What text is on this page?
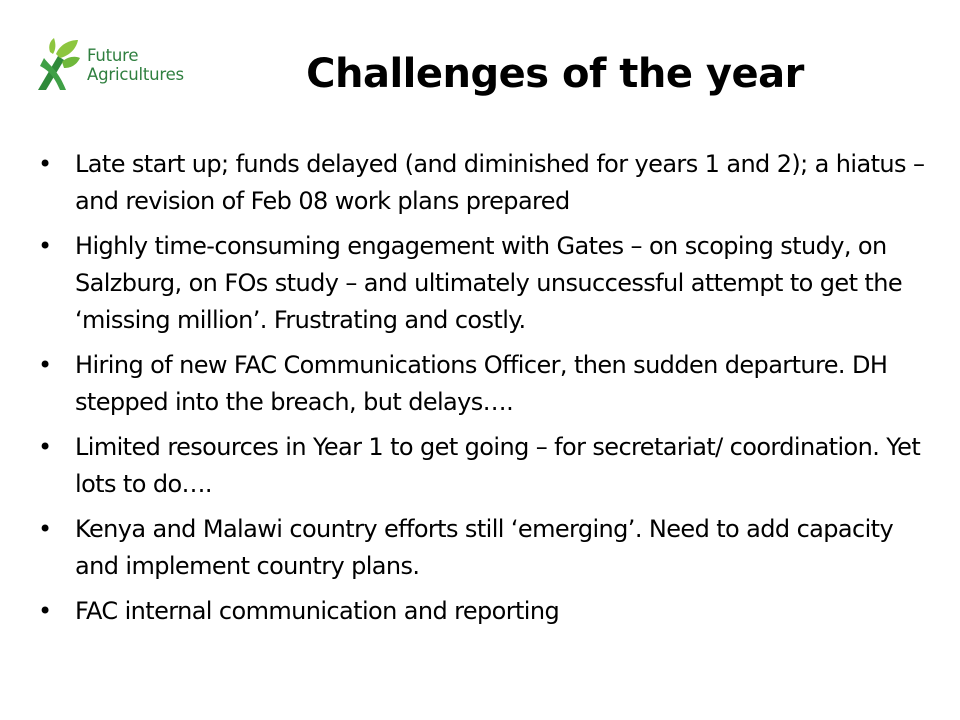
Future
Agricultures	Challenges of the year
• Late start up; funds delayed (and diminished for years 1 and 2); a hiatus – and revision of Feb 08 work plans prepared
• Highly time-consuming engagement with Gates – on scoping study, on Salzburg, on FOs study – and ultimately unsuccessful attempt to get the ‘missing million’. Frustrating and costly.
• Hiring of new FAC Communications Officer, then sudden departure. DH stepped into the breach, but delays….
• Limited resources in Year 1 to get going – for secretariat/ coordination. Yet lots to do….
• Kenya and Malawi country efforts still ‘emerging’. Need to add capacity and implement country plans.
• FAC internal communication and reporting
